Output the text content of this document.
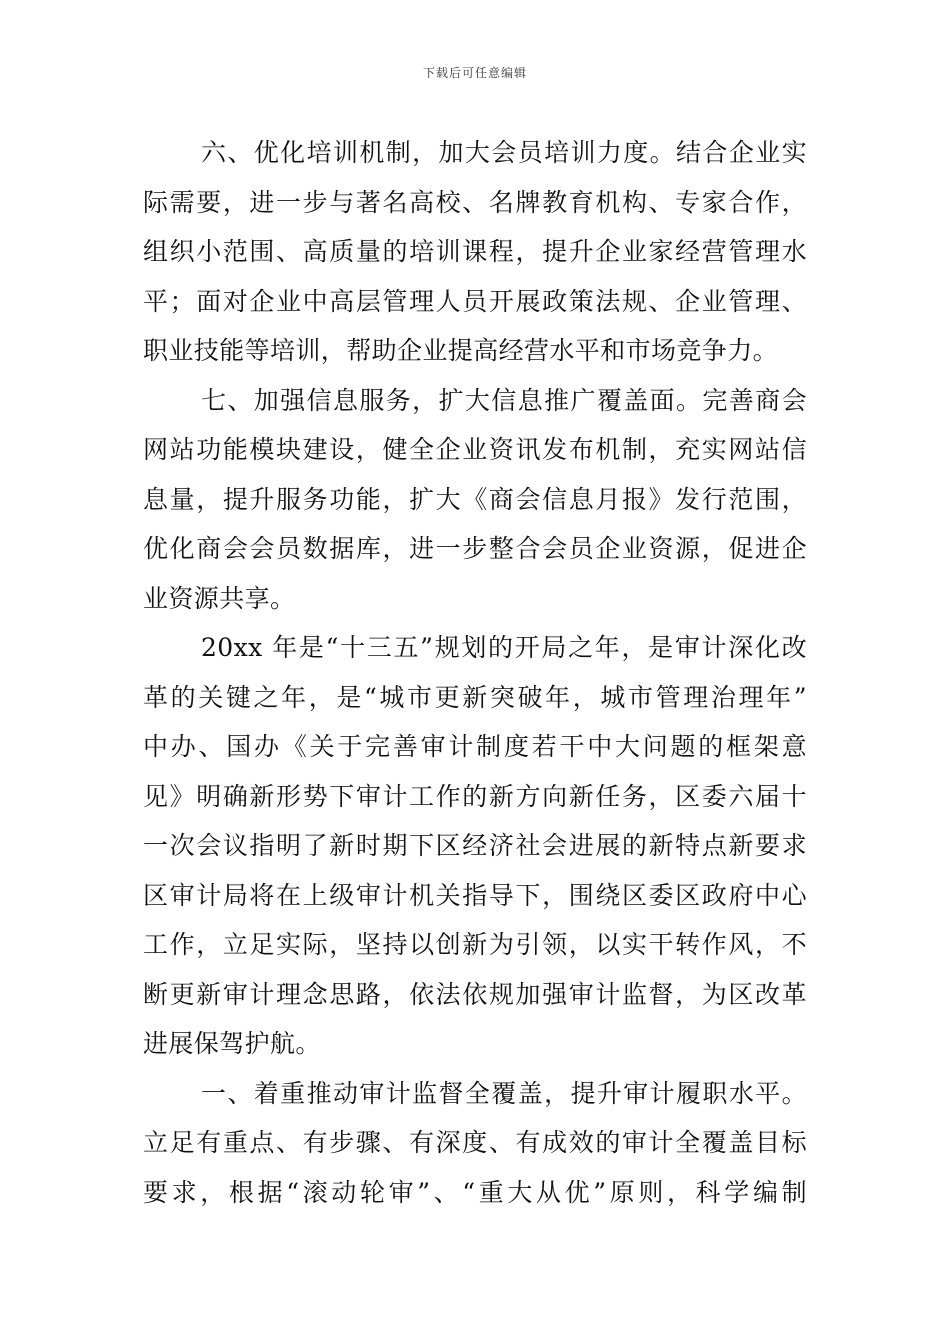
下载后可任意编辑

六、优化培训机制，加大会员培训力度。结合企业实
际需要，进一步与著名高校、名牌教育机构、专家合作，
组织小范围、高质量的培训课程，提升企业家经营管理水
平；面对企业中高层管理人员开展政策法规、企业管理、
职业技能等培训，帮助企业提高经营水平和市场竞争力。

七、加强信息服务，扩大信息推广覆盖面。完善商会
网站功能模块建设，健全企业资讯发布机制，充实网站信
息量，提升服务功能，扩大《商会信息月报》发行范围，
优化商会会员数据库，进一步整合会员企业资源，促进企
业资源共享。

20xx 年是“十三五”规划的开局之年，是审计深化改
革的关键之年，是“城市更新突破年，城市管理治理年”
中办、国办《关于完善审计制度若干中大问题的框架意
见》明确新形势下审计工作的新方向新任务，区委六届十
一次会议指明了新时期下区经济社会进展的新特点新要求
区审计局将在上级审计机关指导下，围绕区委区政府中心
工作，立足实际，坚持以创新为引领，以实干转作风，不
断更新审计理念思路，依法依规加强审计监督，为区改革
进展保驾护航。

一、着重推动审计监督全覆盖，提升审计履职水平。
立足有重点、有步骤、有深度、有成效的审计全覆盖目标
要求，根据“滚动轮审”、“重大从优”原则，科学编制
